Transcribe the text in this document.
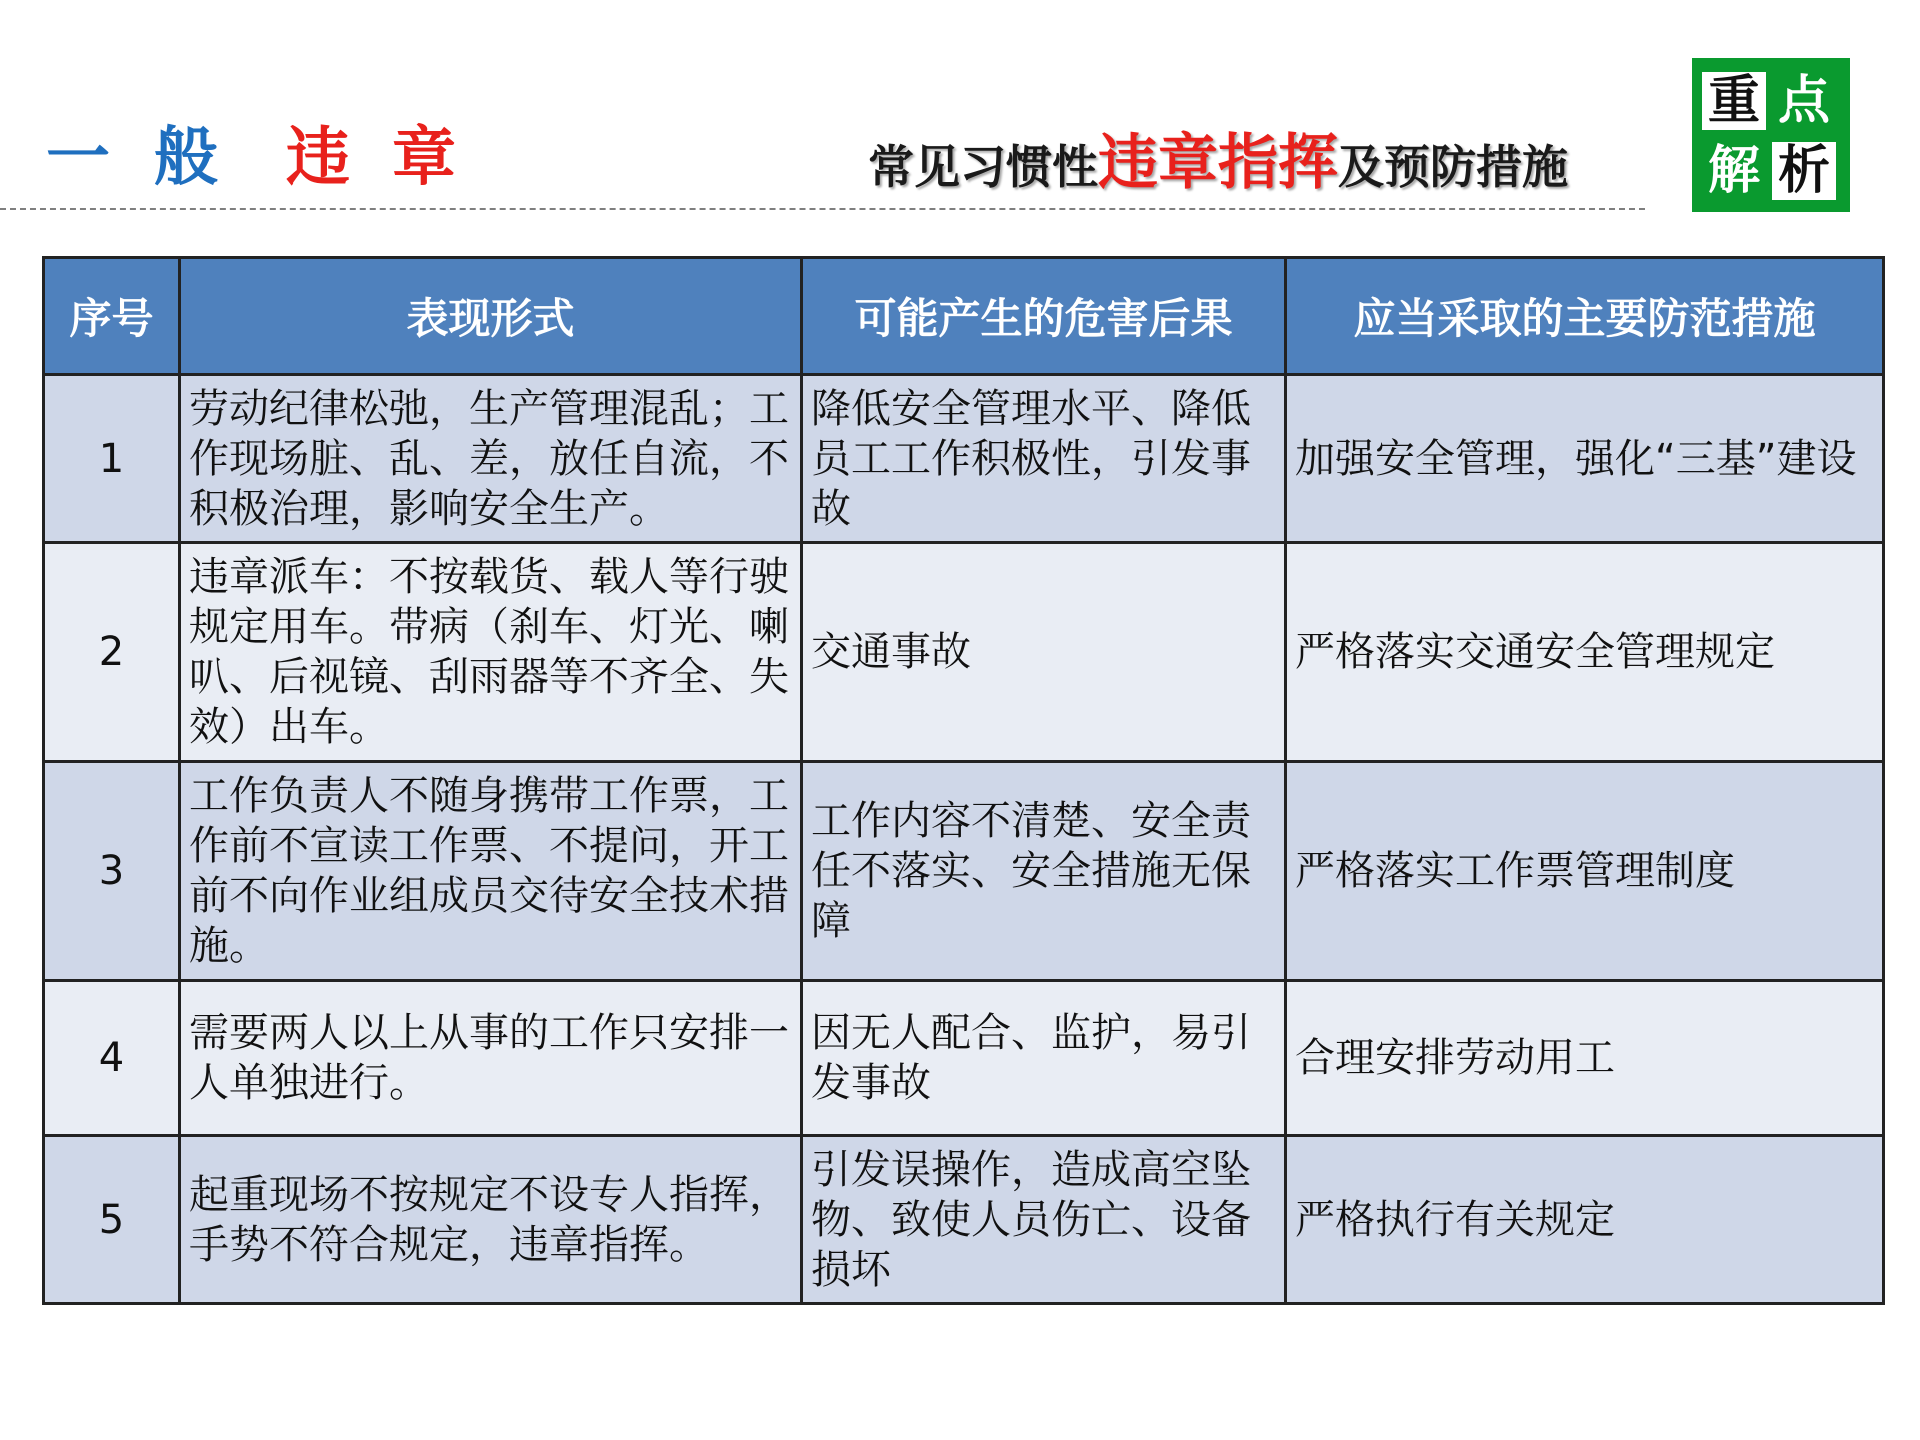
一 般 违 章	常见习惯性违章指挥及预防措施
重 点
解 析
序号	表现形式	可能产生的危害后果	应当采取的主要防范措施
1	劳动纪律松弛，生产管理混乱；工作现场脏、乱、差，放任自流，不积极治理，影响安全生产。	降低安全管理水平、降低员工工作积极性，引发事故	加强安全管理，强化“三基”建设
2	违章派车：不按载货、载人等行驶规定用车。带病（刹车、灯光、喇叭、后视镜、刮雨器等不齐全、失效）出车。	交通事故	严格落实交通安全管理规定
3	工作负责人不随身携带工作票，工作前不宣读工作票、不提问，开工前不向作业组成员交待安全技术措施。	工作内容不清楚、安全责任不落实、安全措施无保障	严格落实工作票管理制度
4	需要两人以上从事的工作只安排一人单独进行。	因无人配合、监护，易引发事故	合理安排劳动用工
5	起重现场不按规定不设专人指挥，手势不符合规定，违章指挥。	引发误操作，造成高空坠物、致使人员伤亡、设备损坏	严格执行有关规定
